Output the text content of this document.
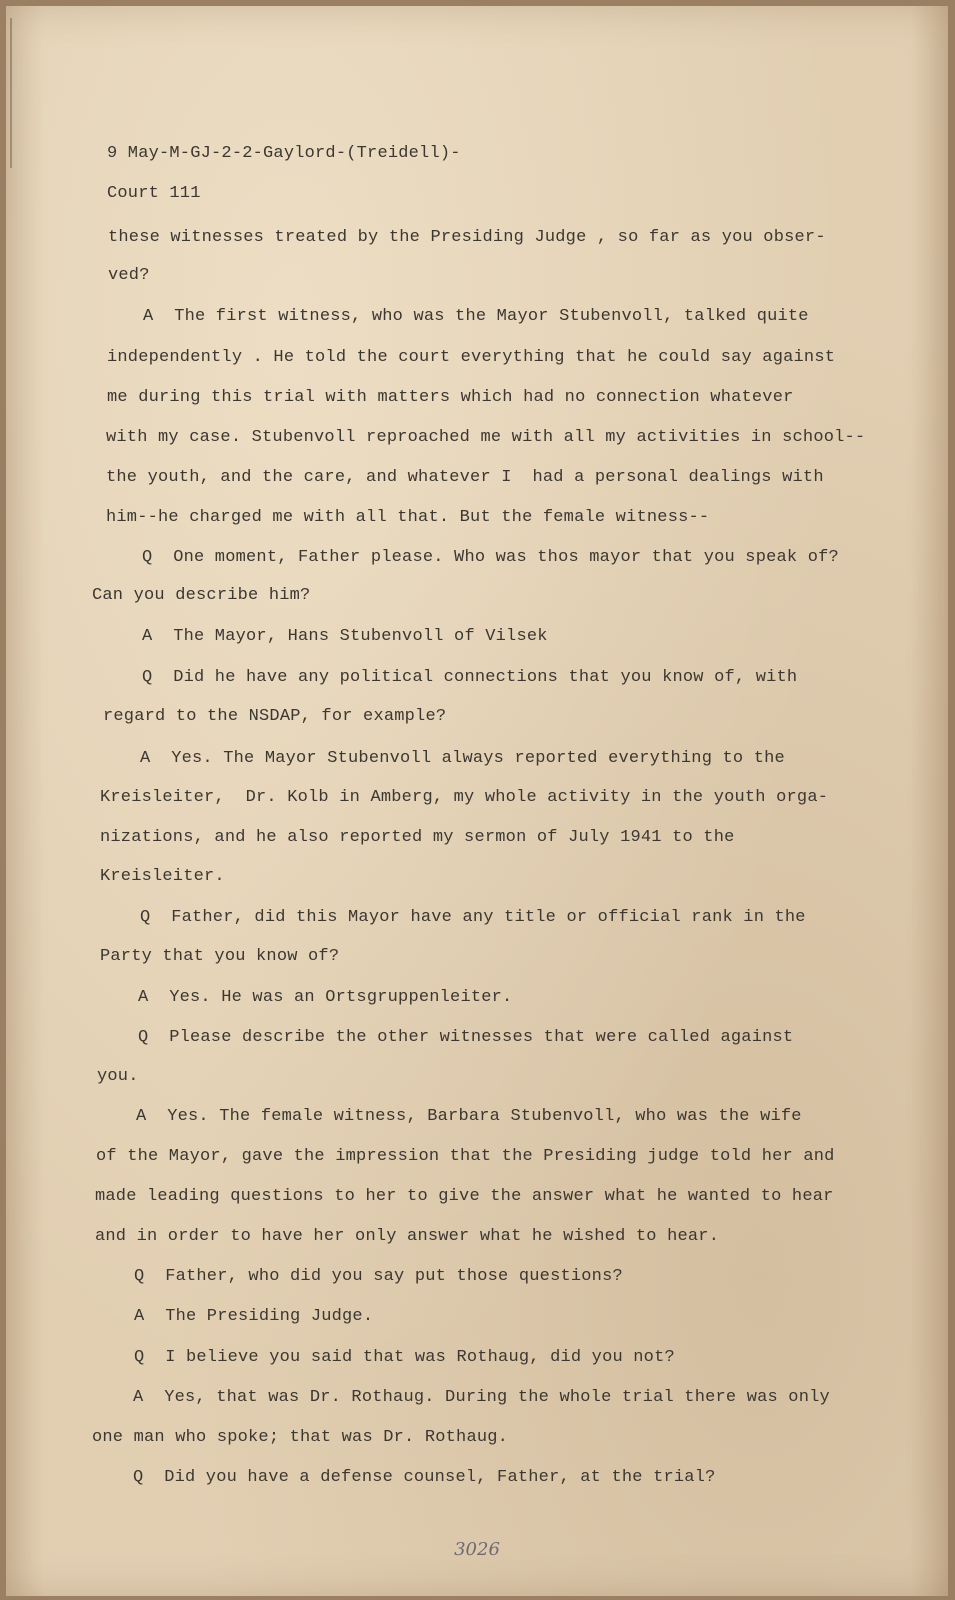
9 May-M-GJ-2-2-Gaylord-(Treidell)-
Court 111
these witnesses treated by the Presiding Judge , so far as you obser-
ved?
A  The first witness, who was the Mayor Stubenvoll, talked quite
independently . He told the court everything that he could say against
me during this trial with matters which had no connection whatever
with my case. Stubenvoll reproached me with all my activities in school--
the youth, and the care, and whatever I  had a personal dealings with
him--he charged me with all that. But the female witness--
Q  One moment, Father please. Who was thos mayor that you speak of?
Can you describe him?
A  The Mayor, Hans Stubenvoll of Vilsek
Q  Did he have any political connections that you know of, with
regard to the NSDAP, for example?
A  Yes. The Mayor Stubenvoll always reported everything to the
Kreisleiter,  Dr. Kolb in Amberg, my whole activity in the youth orga-
nizations, and he also reported my sermon of July 1941 to the
Kreisleiter.
Q  Father, did this Mayor have any title or official rank in the
Party that you know of?
A  Yes. He was an Ortsgruppenleiter.
Q  Please describe the other witnesses that were called against
you.
A  Yes. The female witness, Barbara Stubenvoll, who was the wife
of the Mayor, gave the impression that the Presiding judge told her and
made leading questions to her to give the answer what he wanted to hear
and in order to have her only answer what he wished to hear.
Q  Father, who did you say put those questions?
A  The Presiding Judge.
Q  I believe you said that was Rothaug, did you not?
A  Yes, that was Dr. Rothaug. During the whole trial there was only
one man who spoke; that was Dr. Rothaug.
Q  Did you have a defense counsel, Father, at the trial?
3026
